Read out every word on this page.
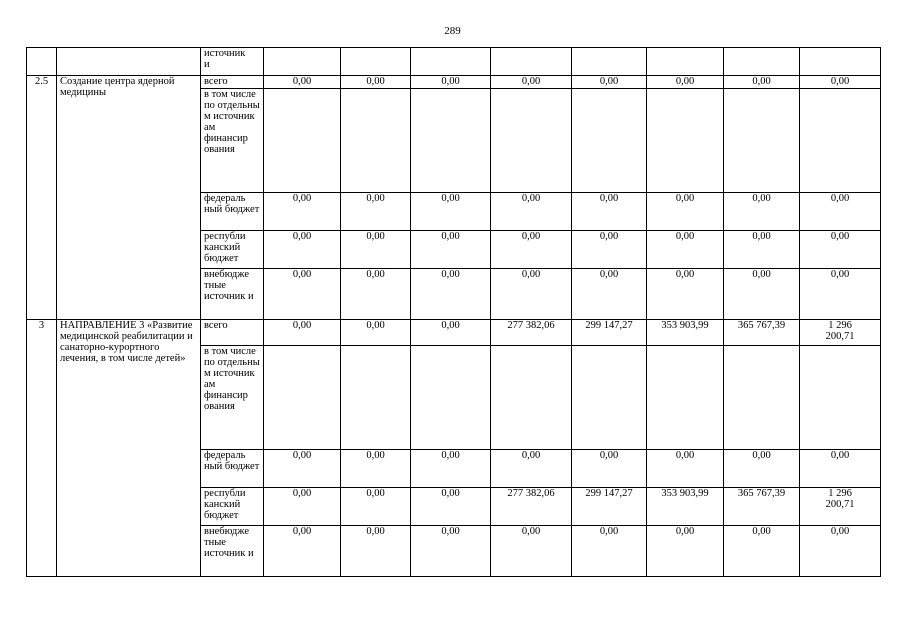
289
		источник
и								
2.5	Создание центра ядерной медицины	всего	0,00	0,00	0,00	0,00	0,00	0,00	0,00	0,00
		в том числе по отдельны м источник ам финансир ования								
		федераль ный бюджет	0,00	0,00	0,00	0,00	0,00	0,00	0,00	0,00
		республи канский бюджет	0,00	0,00	0,00	0,00	0,00	0,00	0,00	0,00
		внебюдже тные источник и	0,00	0,00	0,00	0,00	0,00	0,00	0,00	0,00
3	НАПРАВЛЕНИЕ 3 «Развитие медицинской реабилитации и санаторно-курортного лечения, в том числе детей»	всего	0,00	0,00	0,00	277 382,06	299 147,27	353 903,99	365 767,39	1 296
200,71
		в том числе по отдельны м источник ам финансир ования								
		федераль ный бюджет	0,00	0,00	0,00	0,00	0,00	0,00	0,00	0,00
		республи канский бюджет	0,00	0,00	0,00	277 382,06	299 147,27	353 903,99	365 767,39	1 296
200,71
		внебюдже тные источник и	0,00	0,00	0,00	0,00	0,00	0,00	0,00	0,00
